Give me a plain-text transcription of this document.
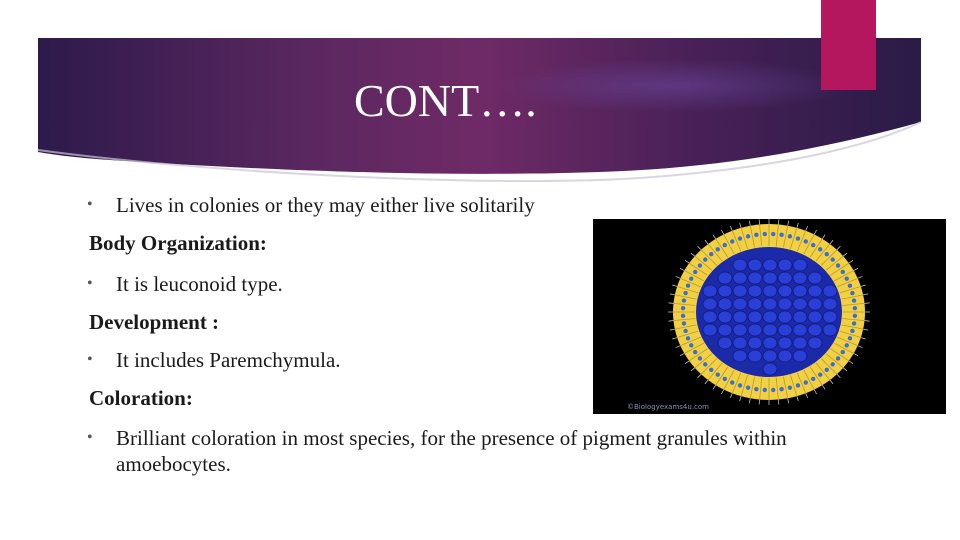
CONT….
• Lives in colonies or they may either live solitarily
Body Organization:
• It is leuconoid type.
Development :
• It includes Paremchymula.
Coloration:
• Brilliant coloration in most species, for the presence of pigment granules within amoebocytes.
©Biologyexams4u.com
